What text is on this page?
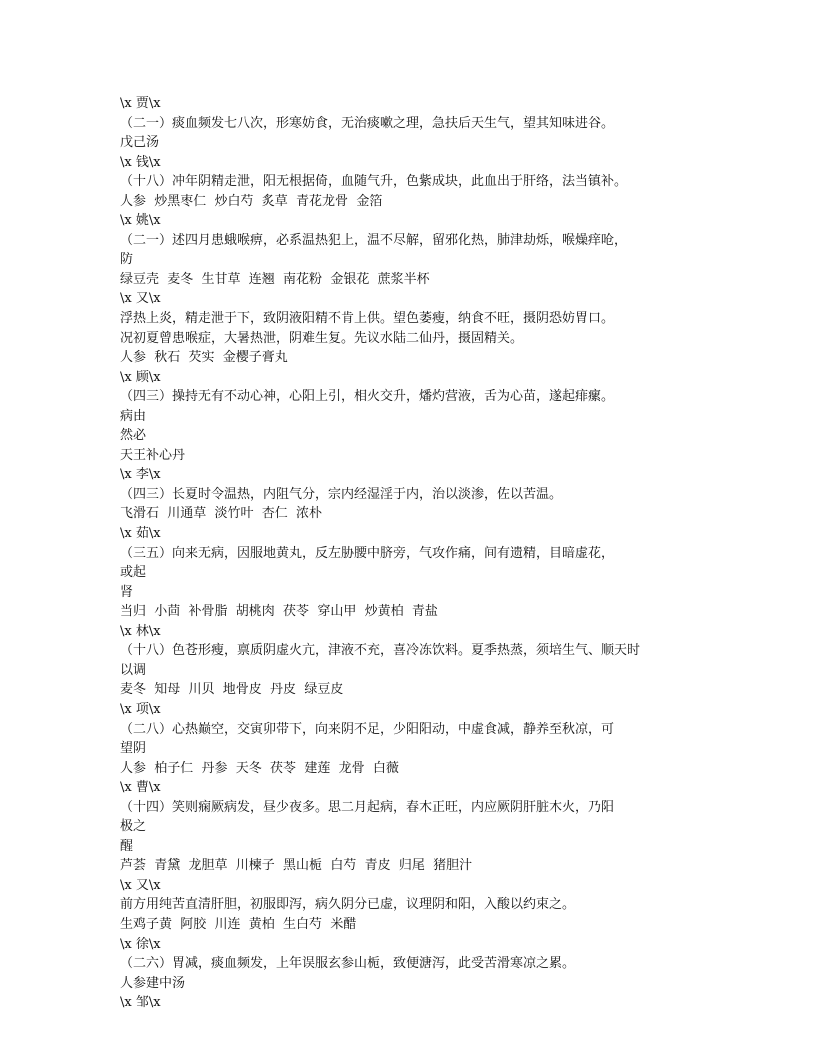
\x 贾\x
（二一）痰血频发七八次，形寒妨食，无治痰嗽之理，急扶后天生气，望其知味进谷。
戊己汤
\x 钱\x
（十八）冲年阴精走泄，阳无根据倚，血随气升，色紫成块，此血出于肝络，法当镇补。
人参  炒黑枣仁  炒白芍  炙草  青花龙骨  金箔
\x 姚\x
（二一）述四月患蛾喉痹，必系温热犯上，温不尽解，留邪化热，肺津劫烁，喉燥痒呛，
防
绿豆壳  麦冬  生甘草  连翘  南花粉  金银花  蔗浆半杯
\x 又\x
浮热上炎，精走泄于下，致阴液阳精不肯上供。望色萎瘦，纳食不旺，摄阴恐妨胃口。
况初夏曾患喉症，大暑热泄，阴难生复。先议水陆二仙丹，摄固精关。
人参  秋石  芡实  金樱子膏丸
\x 顾\x
（四三）操持无有不动心神，心阳上引，相火交升，燔灼营液，舌为心苗，遂起痱瘰。
病由
然必
天王补心丹
\x 李\x
（四三）长夏时令温热，内阻气分，宗内经湿淫于内，治以淡渗，佐以苦温。
飞滑石  川通草  淡竹叶  杏仁  浓朴
\x 茹\x
（三五）向来无病，因服地黄丸，反左胁腰中脐旁，气攻作痛，间有遗精，目暗虚花，
或起
肾
当归  小茴  补骨脂  胡桃肉  茯苓  穿山甲  炒黄柏  青盐
\x 林\x
（十八）色苍形瘦，禀质阴虚火亢，津液不充，喜冷冻饮料。夏季热蒸，须培生气、顺天时
以调
麦冬  知母  川贝  地骨皮  丹皮  绿豆皮
\x 项\x
（二八）心热巅空，交寅卯带下，向来阴不足，少阳阳动，中虚食减，静养至秋凉，可
望阴
人参  柏子仁  丹参  天冬  茯苓  建莲  龙骨  白薇
\x 曹\x
（十四）笑则痫厥病发，昼少夜多。思二月起病，春木正旺，内应厥阴肝脏木火，乃阳
极之
醒
芦荟  青黛  龙胆草  川楝子  黑山栀  白芍  青皮  归尾  猪胆汁
\x 又\x
前方用纯苦直清肝胆，初服即泻，病久阴分已虚，议理阴和阳，入酸以约束之。
生鸡子黄  阿胶  川连  黄柏  生白芍  米醋
\x 徐\x
（二六）胃减，痰血频发，上年误服玄参山栀，致便溏泻，此受苦滑寒凉之累。
人参建中汤
\x 邹\x
